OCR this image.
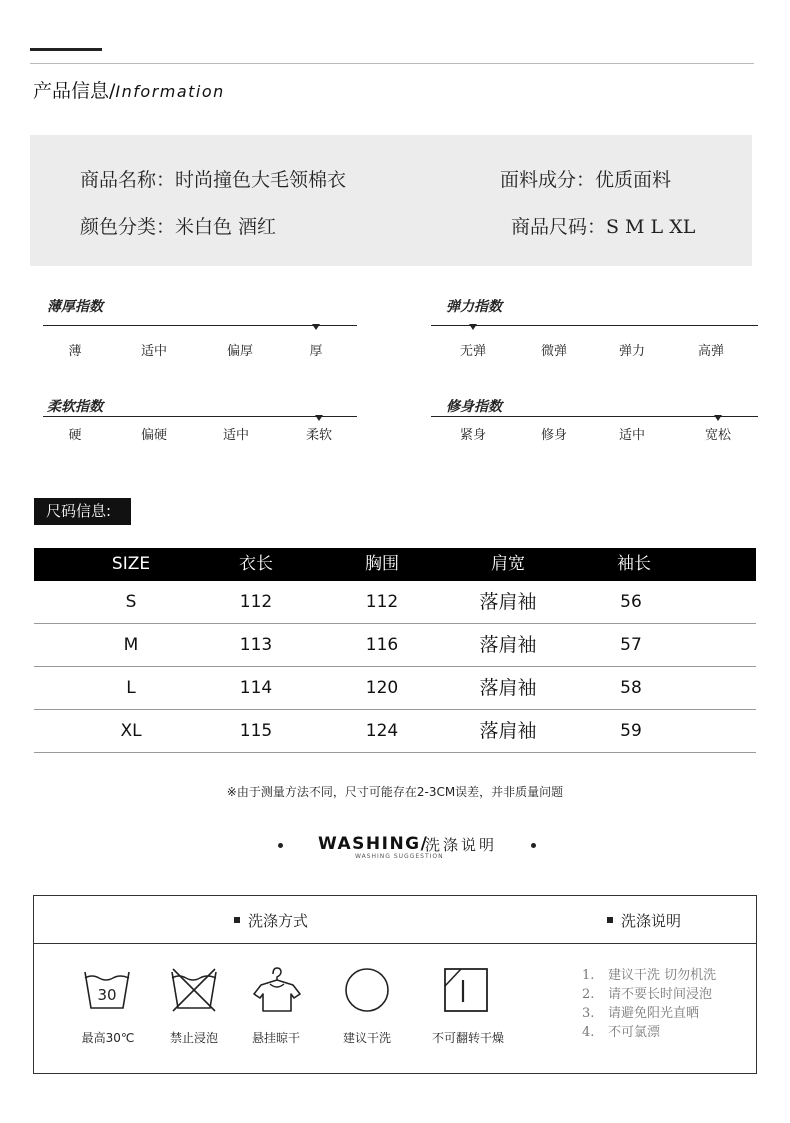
产品信息/Information
商品名称：时尚撞色大毛领棉衣	面料成分：优质面料
颜色分类：米白色 酒红	商品尺码：S M L XL
薄厚指数
薄	适中	偏厚	厚
弹力指数
无弹	微弹	弹力	高弹
柔软指数
硬	偏硬	适中	柔软
修身指数
紧身	修身	适中	宽松
尺码信息:
SIZE	衣长	胸围	肩宽	袖长
S	112	112	落肩袖	56
M	113	116	落肩袖	57
L	114	120	落肩袖	58
XL	115	124	落肩袖	59
※由于测量方法不同，尺寸可能存在2-3CM误差，并非质量问题
WASHING/
洗涤说明
WASHING SUGGESTION
洗涤方式	洗涤说明
30
最高30℃	禁止浸泡	悬挂晾干	建议干洗	不可翻转干燥
1. 建议干洗 切勿机洗
2. 请不要长时间浸泡
3. 请避免阳光直晒
4. 不可氯漂
